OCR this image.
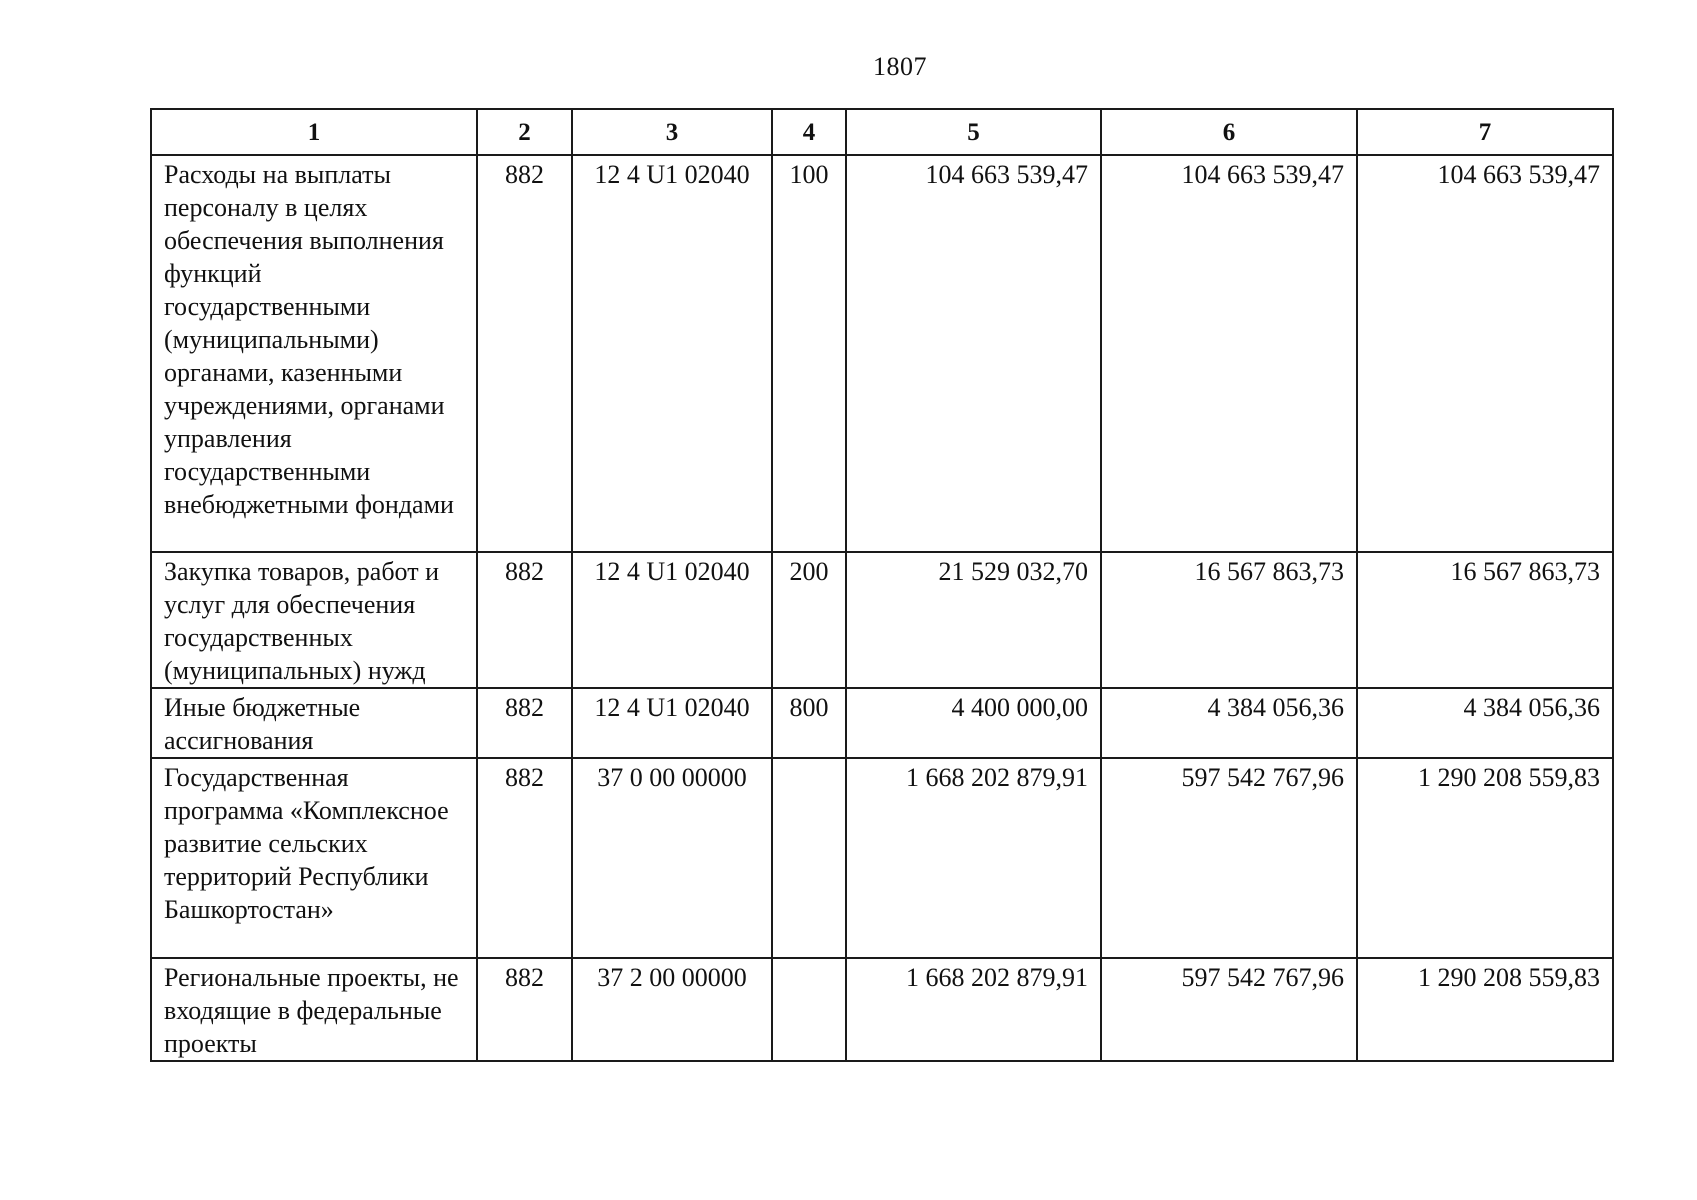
1807
1	2	3	4	5	6	7
Расходы на выплаты персоналу в целях обеспечения выполнения функций государственными (муниципальными) органами, казенными учреждениями, органами управления государственными внебюджетными фондами	882	12 4 U1 02040	100	104 663 539,47	104 663 539,47	104 663 539,47
Закупка товаров, работ и услуг для обеспечения государственных (муниципальных) нужд	882	12 4 U1 02040	200	21 529 032,70	16 567 863,73	16 567 863,73
Иные бюджетные ассигнования	882	12 4 U1 02040	800	4 400 000,00	4 384 056,36	4 384 056,36
Государственная программа «Комплексное развитие сельских территорий Республики Башкортостан»	882	37 0 00 00000		1 668 202 879,91	597 542 767,96	1 290 208 559,83
Региональные проекты, не входящие в федеральные проекты	882	37 2 00 00000		1 668 202 879,91	597 542 767,96	1 290 208 559,83
